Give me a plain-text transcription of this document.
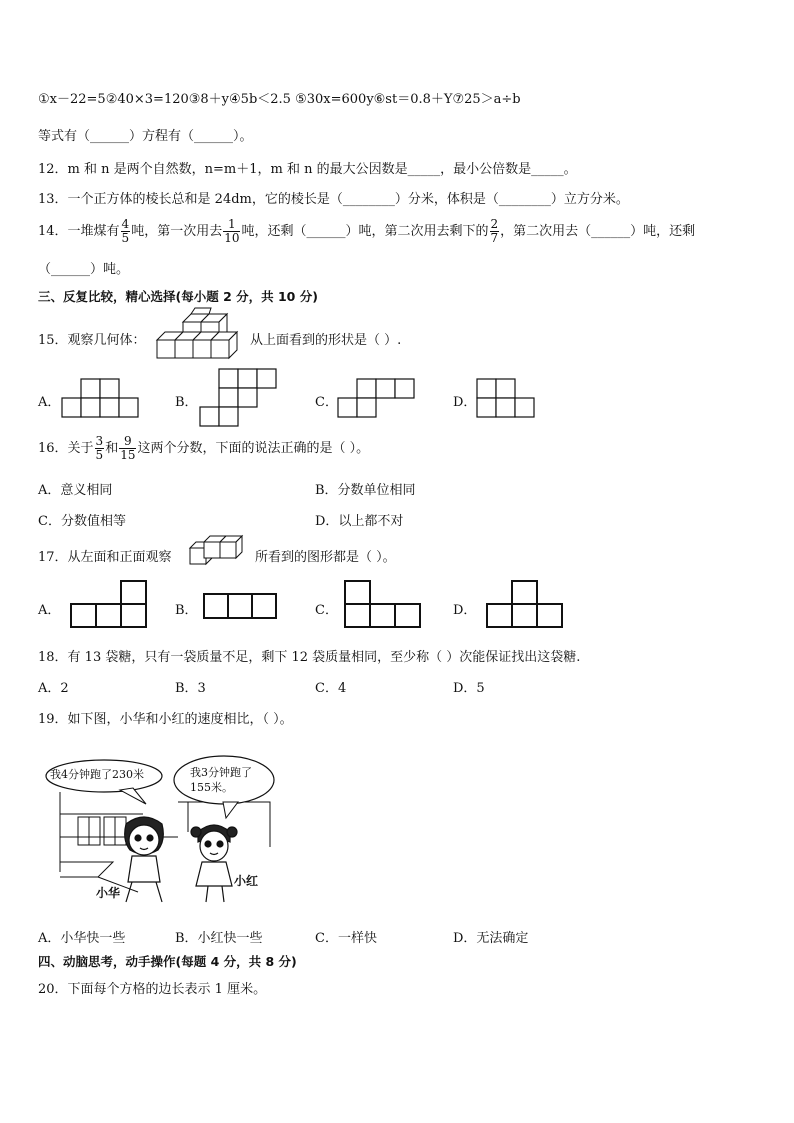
①x－22=5②40×3=120③8＋y④5b＜2.5 ⑤30x=600y⑥st＝0.8＋Y⑦25＞a÷b
等式有（______）方程有（______）。
12．m 和 n 是两个自然数，n=m＋1，m 和 n 的最大公因数是_____，最小公倍数是_____。
13．一个正方体的棱长总和是 24dm，它的棱长是（________）分米，体积是（________）立方分米。
14．一堆煤有 $\frac{4}{5}$ 吨，第一次用去 $\frac{1}{10}$ 吨，还剩（______）吨，第二次用去剩下的 $\frac{2}{7}$ ，第二次用去（______）吨，还剩
（______）吨。
三、反复比较，精心选择(每小题 2 分，共 10 分)
15．观察几何体：	从上面看到的形状是（ ）.
A．	B．	C．	D．
16．关于 $\frac{3}{5}$ 和 $\frac{9}{15}$ 这两个分数，下面的说法正确的是（ ）。
A．意义相同	B．分数单位相同
C．分数值相等	D．以上都不对
17．从左面和正面观察	所看到的图形都是（ ）。
A．	B．	C．	D．
18．有 13 袋糖，只有一袋质量不足，剩下 12 袋质量相同，至少称（ ）次能保证找出这袋糖.
A．2	B．3	C．4	D．5
19．如下图，小华和小红的速度相比，（ ）。
我4分钟跑了230米	我3分钟跑了
155米。
小华
小红
A．小华快一些	B．小红快一些	C．一样快	D．无法确定
四、动脑思考，动手操作(每题 4 分，共 8 分)
20．下面每个方格的边长表示 1 厘米。
